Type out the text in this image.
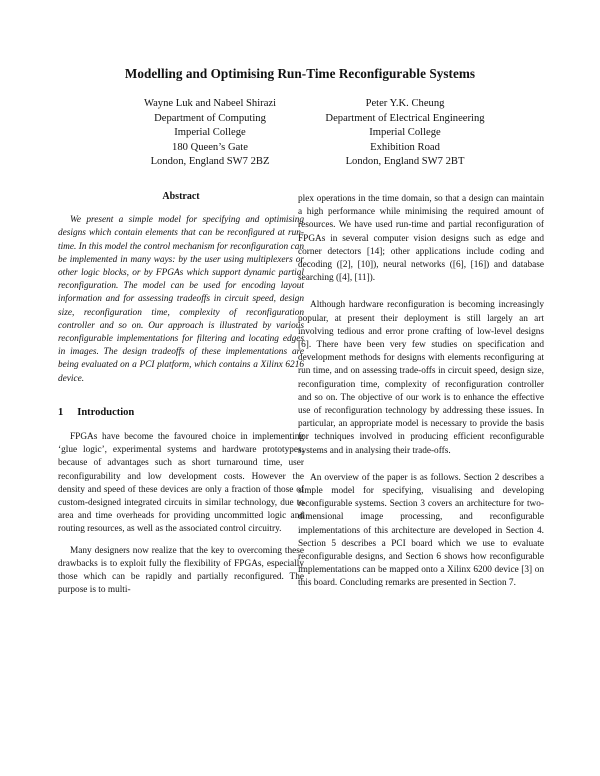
Modelling and Optimising Run-Time Reconfigurable Systems
Wayne Luk and Nabeel Shirazi
Department of Computing
Imperial College
180 Queen’s Gate
London, England SW7 2BZ
Peter Y.K. Cheung
Department of Electrical Engineering
Imperial College
Exhibition Road
London, England SW7 2BT
Abstract

We present a simple model for specifying and optimising designs which contain elements that can be reconfigured at run-time. In this model the control mechanism for reconfiguration can be implemented in many ways: by the user using multiplexers or other logic blocks, or by FPGAs which support dynamic partial reconfiguration. The model can be used for encoding layout information and for assessing tradeoffs in circuit speed, design size, reconfiguration time, complexity of reconfiguration controller and so on. Our approach is illustrated by various reconfigurable implementations for filtering and locating edges in images. The design tradeoffs of these implementations are being evaluated on a PCI platform, which contains a Xilinx 6216 device.

1 Introduction

FPGAs have become the favoured choice in implementing ‘glue logic’, experimental systems and hardware prototypes, because of advantages such as short turnaround time, user reconfigurability and low development costs. However the density and speed of these devices are only a fraction of those of custom-designed integrated circuits in similar technology, due to area and time overheads for providing uncommitted logic and routing resources, as well as the associated control circuitry.

Many designers now realize that the key to overcoming these drawbacks is to exploit fully the flexibility of FPGAs, especially those which can be rapidly and partially reconfigured. The purpose is to multi-

plex operations in the time domain, so that a design can maintain a high performance while minimising the required amount of resources. We have used run-time and partial reconfiguration of FPGAs in several computer vision designs such as edge and corner detectors [14]; other applications include coding and decoding ([2], [10]), neural networks ([6], [16]) and database searching ([4], [11]).

Although hardware reconfiguration is becoming increasingly popular, at present their deployment is still largely an art involving tedious and error prone crafting of low-level designs [6]. There have been very few studies on specification and development methods for designs with elements reconfiguring at run time, and on assessing trade-offs in circuit speed, design size, reconfiguration time, complexity of reconfiguration controller and so on. The objective of our work is to enhance the effective use of reconfiguration technology by addressing these issues. In particular, an appropriate model is necessary to provide the basis for techniques involved in producing efficient reconfigurable systems and in analysing their trade-offs.

An overview of the paper is as follows. Section 2 describes a simple model for specifying, visualising and developing reconfigurable systems. Section 3 covers an architecture for two-dimensional image processing, and reconfigurable implementations of this architecture are developed in Section 4. Section 5 describes a PCI board which we use to evaluate reconfigurable designs, and Section 6 shows how reconfigurable implementations can be mapped onto a Xilinx 6200 device [3] on this board. Concluding remarks are presented in Section 7.
